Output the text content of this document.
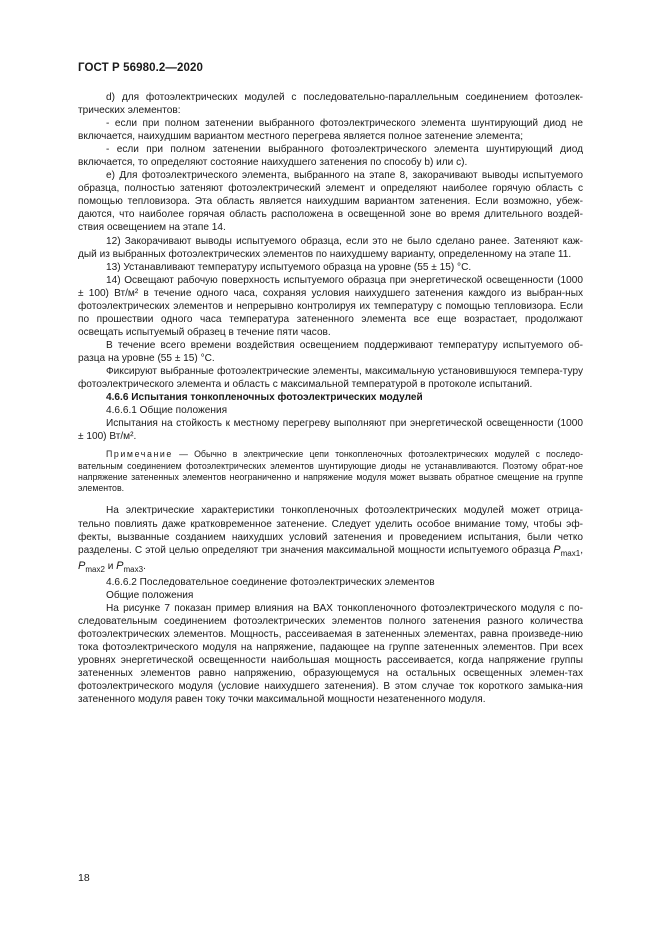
ГОСТ Р 56980.2—2020

d) для фотоэлектрических модулей c последовательно-параллельным соединением фотоэлек-трических элементов:

- если при полном затенении выбранного фотоэлектрического элемента шунтирующий диод не включается, наихудшим вариантом местного перегрева является полное затенение элемента;

- если при полном затенении выбранного фотоэлектрического элемента шунтирующий диод включается, то определяют состояние наихудшего затенения по способу b) или c).

е) Для фотоэлектрического элемента, выбранного на этапе 8, закорачивают выводы испытуемого образца, полностью затеняют фотоэлектрический элемент и определяют наиболее горячую область с помощью тепловизора. Эта область является наихудшим вариантом затенения. Если возможно, убеж-даются, что наиболее горячая область расположена в освещенной зоне во время длительного воздей-ствия освещением на этапе 14.

12) Закорачивают выводы испытуемого образца, если это не было сделано ранее. Затеняют каж-дый из выбранных фотоэлектрических элементов по наихудшему варианту, определенному на этапе 11.

13) Устанавливают температуру испытуемого образца на уровне (55 ± 15) °С.

14) Освещают рабочую поверхность испытуемого образца при энергетической освещенности (1000 ± 100) Вт/м² в течение одного часа, сохраняя условия наихудшего затенения каждого из выбран-ных фотоэлектрических элементов и непрерывно контролируя их температуру с помощью тепловизора. Если по прошествии одного часа температура затененного элемента все еще возрастает, продолжают освещать испытуемый образец в течение пяти часов.

В течение всего времени воздействия освещением поддерживают температуру испытуемого об-разца на уровне (55 ± 15) °С.

Фиксируют выбранные фотоэлектрические элементы, максимальную установившуюся темпера-туру фотоэлектрического элемента и область с максимальной температурой в протоколе испытаний.

4.6.6 Испытания тонкопленочных фотоэлектрических модулей

4.6.6.1 Общие положения

Испытания на стойкость к местному перегреву выполняют при энергетической освещенности (1000 ± 100) Вт/м².

Примечание — Обычно в электрические цепи тонкопленочных фотоэлектрических модулей с последо-вательным соединением фотоэлектрических элементов шунтирующие диоды не устанавливаются. Поэтому обрат-ное напряжение затененных элементов неограниченно и напряжение модуля может вызвать обратное смещение на группе элементов.

На электрические характеристики тонкопленочных фотоэлектрических модулей может отрица-тельно повлиять даже кратковременное затенение. Следует уделить особое внимание тому, чтобы эф-фекты, вызванные созданием наихудших условий затенения и проведением испытания, были четко разделены. С этой целью определяют три значения максимальной мощности испытуемого образца $P_{max1}$, $P_{max2}$ и $P_{max3}$.

4.6.6.2 Последовательное соединение фотоэлектрических элементов

Общие положения

На рисунке 7 показан пример влияния на ВАХ тонкопленочного фотоэлектрического модуля с по-следовательным соединением фотоэлектрических элементов полного затенения разного количества фотоэлектрических элементов. Мощность, рассеиваемая в затененных элементах, равна произведе-нию тока фотоэлектрического модуля на напряжение, падающее на группе затененных элементов. При всех уровнях энергетической освещенности наибольшая мощность рассеивается, когда напряжение группы затененных элементов равно напряжению, образующемуся на остальных освещенных элемен-тах фотоэлектрического модуля (условие наихудшего затенения). В этом случае ток короткого замыка-ния затененного модуля равен току точки максимальной мощности незатененного модуля.

18
